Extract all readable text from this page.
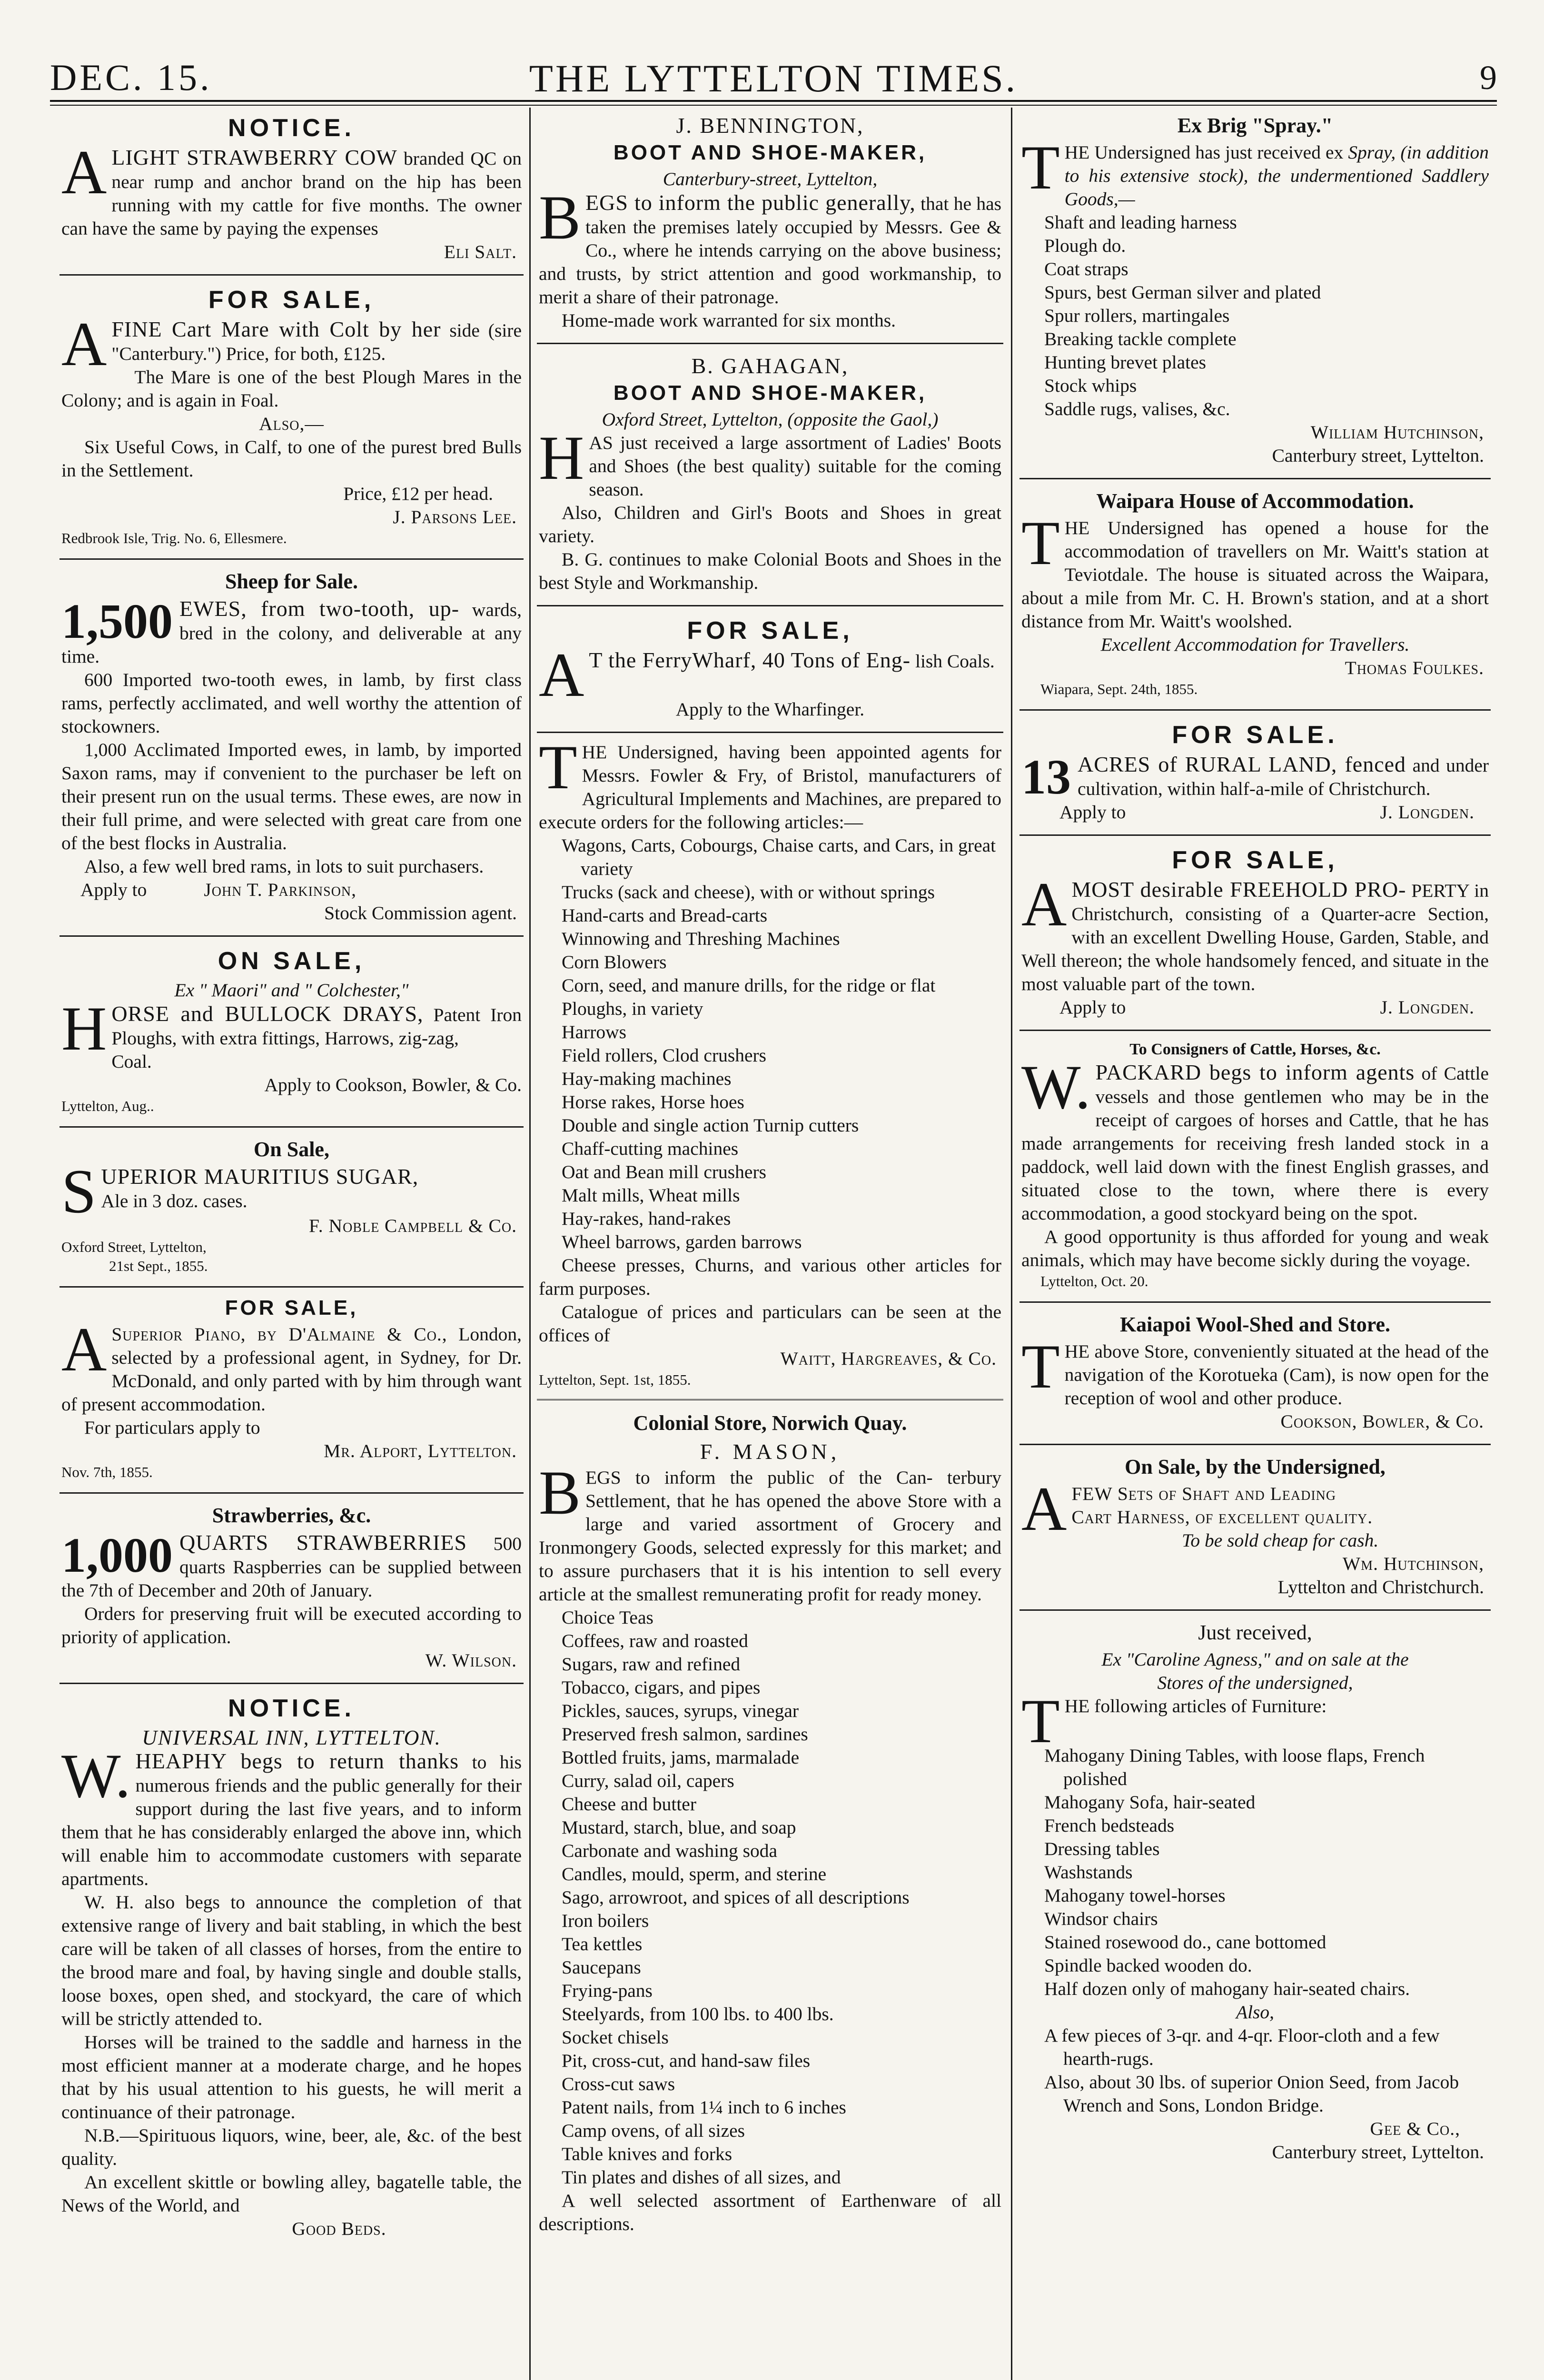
DEC. 15.	THE LYTTELTON TIMES.	9
NOTICE.

ALIGHT STRAWBERRY COW branded QC on near rump and anchor brand on the hip has been running with my cattle for five months. The owner can have the same by paying the expenses

Eli Salt.

FOR SALE,

AFINE Cart Mare with Colt by her side (sire "Canterbury.") Price, for both, £125.

The Mare is one of the best Plough Mares in the Colony; and is again in Foal.

Also,—

Six Useful Cows, in Calf, to one of the purest bred Bulls in the Settlement.

Price, £12 per head.

J. Parsons Lee.

Redbrook Isle, Trig. No. 6, Ellesmere.

Sheep for Sale.

1,500 EWES, from two-tooth, up- wards, bred in the colony, and deliverable at any time.

600 Imported two-tooth ewes, in lamb, by first class rams, perfectly acclimated, and well worthy the attention of stockowners.

1,000 Acclimated Imported ewes, in lamb, by imported Saxon rams, may if convenient to the purchaser be left on their present run on the usual terms. These ewes, are now in their full prime, and were selected with great care from one of the best flocks in Australia.

Also, a few well bred rams, in lots to suit purchasers.

Apply to	John T. Parkinson,

Stock Commission agent.

ON SALE,

Ex " Maori" and " Colchester,"

HORSE and BULLOCK DRAYS, Patent Iron Ploughs, with extra fittings, Harrows, zig-zag,

Coal.

Apply to Cookson, Bowler, & Co.

Lyttelton, Aug..

On Sale,

SUPERIOR MAURITIUS SUGAR,
Ale in 3 doz. cases.

F. Noble Campbell & Co.

Oxford Street, Lyttelton,

21st Sept., 1855.

FOR SALE,

A Superior Piano, by D'Almaine & Co., London, selected by a professional agent, in Sydney, for Dr. McDonald, and only parted with by him through want of present accommodation.

For particulars apply to

Mr. Alport, Lyttelton.

Nov. 7th, 1855.

Strawberries, &c.

1,000 QUARTS STRAWBERRIES 500 quarts Raspberries can be supplied between the 7th of December and 20th of January.

Orders for preserving fruit will be executed according to priority of application.

W. Wilson.

NOTICE.

UNIVERSAL INN, LYTTELTON.

W. HEAPHY begs to return thanks to his numerous friends and the public generally for their support during the last five years, and to inform them that he has considerably enlarged the above inn, which will enable him to accommodate customers with separate apartments.

W. H. also begs to announce the completion of that extensive range of livery and bait stabling, in which the best care will be taken of all classes of horses, from the entire to the brood mare and foal, by having single and double stalls, loose boxes, open shed, and stockyard, the care of which will be strictly attended to.

Horses will be trained to the saddle and harness in the most efficient manner at a moderate charge, and he hopes that by his usual attention to his guests, he will merit a continuance of their patronage.

N.B.—Spirituous liquors, wine, beer, ale, &c. of the best quality.

An excellent skittle or bowling alley, bagatelle table, the News of the World, and

Good Beds.

J. BENNINGTON,
BOOT AND SHOE-MAKER,

Canterbury-street, Lyttelton,

BEGS to inform the public generally, that he has taken the premises lately occupied by Messrs. Gee & Co., where he intends carrying on the above business; and trusts, by strict attention and good workmanship, to merit a share of their patronage.

Home-made work warranted for six months.

B. GAHAGAN,
BOOT AND SHOE-MAKER,

Oxford Street, Lyttelton, (opposite the Gaol,)

HAS just received a large assortment of Ladies' Boots and Shoes (the best quality) suitable for the coming season.

Also, Children and Girl's Boots and Shoes in great variety.

B. G. continues to make Colonial Boots and Shoes in the best Style and Workmanship.

FOR SALE,

A T the FerryWharf, 40 Tons of Eng- lish Coals.

Apply to the Wharfinger.

THE Undersigned, having been appointed agents for Messrs. Fowler & Fry, of Bristol, manufacturers of Agricultural Implements and Machines, are prepared to execute orders for the following articles:—

Wagons, Carts, Cobourgs, Chaise carts, and Cars, in great variety

Trucks (sack and cheese), with or without springs

Hand-carts and Bread-carts

Winnowing and Threshing Machines

Corn Blowers

Corn, seed, and manure drills, for the ridge or flat

Ploughs, in variety

Harrows

Field rollers, Clod crushers

Hay-making machines

Horse rakes, Horse hoes

Double and single action Turnip cutters

Chaff-cutting machines

Oat and Bean mill crushers

Malt mills, Wheat mills

Hay-rakes, hand-rakes

Wheel barrows, garden barrows

Cheese presses, Churns, and various other articles for farm purposes.

Catalogue of prices and particulars can be seen at the offices of

Waitt, Hargreaves, & Co.

Lyttelton, Sept. 1st, 1855.

Colonial Store, Norwich Quay.
F. MASON,

BEGS to inform the public of the Can- terbury Settlement, that he has opened the above Store with a large and varied assortment of Grocery and Ironmongery Goods, selected expressly for this market; and to assure purchasers that it is his intention to sell every article at the smallest remunerating profit for ready money.

Choice Teas

Coffees, raw and roasted

Sugars, raw and refined

Tobacco, cigars, and pipes

Pickles, sauces, syrups, vinegar

Preserved fresh salmon, sardines

Bottled fruits, jams, marmalade

Curry, salad oil, capers

Cheese and butter

Mustard, starch, blue, and soap

Carbonate and washing soda

Candles, mould, sperm, and sterine

Sago, arrowroot, and spices of all descriptions

Iron boilers

Tea kettles

Saucepans

Frying-pans

Steelyards, from 100 lbs. to 400 lbs.

Socket chisels

Pit, cross-cut, and hand-saw files

Cross-cut saws

Patent nails, from 1¼ inch to 6 inches

Camp ovens, of all sizes

Table knives and forks

Tin plates and dishes of all sizes, and

A well selected assortment of Earthenware of all descriptions.

Ex Brig "Spray."

THE Undersigned has just received ex Spray, (in addition to his extensive stock), the undermentioned Saddlery Goods,—

Shaft and leading harness

Plough do.

Coat straps

Spurs, best German silver and plated

Spur rollers, martingales

Breaking tackle complete

Hunting brevet plates

Stock whips

Saddle rugs, valises, &c.

William Hutchinson,

Canterbury street, Lyttelton.

Waipara House of Accommodation.

THE Undersigned has opened a house for the accommodation of travellers on Mr. Waitt's station at Teviotdale. The house is situated across the Waipara, about a mile from Mr. C. H. Brown's station, and at a short distance from Mr. Waitt's woolshed.

Excellent Accommodation for Travellers.

Thomas Foulkes.

Wiapara, Sept. 24th, 1855.

FOR SALE.

13 ACRES of RURAL LAND, fenced and under cultivation, within half-a-mile of Christchurch.

Apply to	J. Longden.

FOR SALE,

AMOST desirable FREEHOLD PRO- PERTY in Christchurch, consisting of a Quarter-acre Section, with an excellent Dwelling House, Garden, Stable, and Well thereon; the whole handsomely fenced, and situate in the most valuable part of the town.

Apply to	J. Longden.

To Consigners of Cattle, Horses, &c.

W. PACKARD begs to inform agents of Cattle vessels and those gentlemen who may be in the receipt of cargoes of horses and Cattle, that he has made arrangements for receiving fresh landed stock in a paddock, well laid down with the finest English grasses, and situated close to the town, where there is every accommodation, a good stockyard being on the spot.

A good opportunity is thus afforded for young and weak animals, which may have become sickly during the voyage.

Lyttelton, Oct. 20.

Kaiapoi Wool-Shed and Store.

THE above Store, conveniently situated at the head of the navigation of the Korotueka (Cam), is now open for the reception of wool and other produce.

Cookson, Bowler, & Co.

On Sale, by the Undersigned,

AFEW Sets of Shaft and Leading
Cart Harness, of excellent quality.

To be sold cheap for cash.

Wm. Hutchinson,

Lyttelton and Christchurch.

Just received,

Ex "Caroline Agness," and on sale at the

Stores of the undersigned,

THE following articles of Furniture:

Mahogany Dining Tables, with loose flaps, French polished

Mahogany Sofa, hair-seated

French bedsteads

Dressing tables

Washstands

Mahogany towel-horses

Windsor chairs

Stained rosewood do., cane bottomed

Spindle backed wooden do.

Half dozen only of mahogany hair-seated chairs.

Also,

A few pieces of 3-qr. and 4-qr. Floor-cloth and a few hearth-rugs.

Also, about 30 lbs. of superior Onion Seed, from Jacob Wrench and Sons, London Bridge.

Gee & Co.,

Canterbury street, Lyttelton.
